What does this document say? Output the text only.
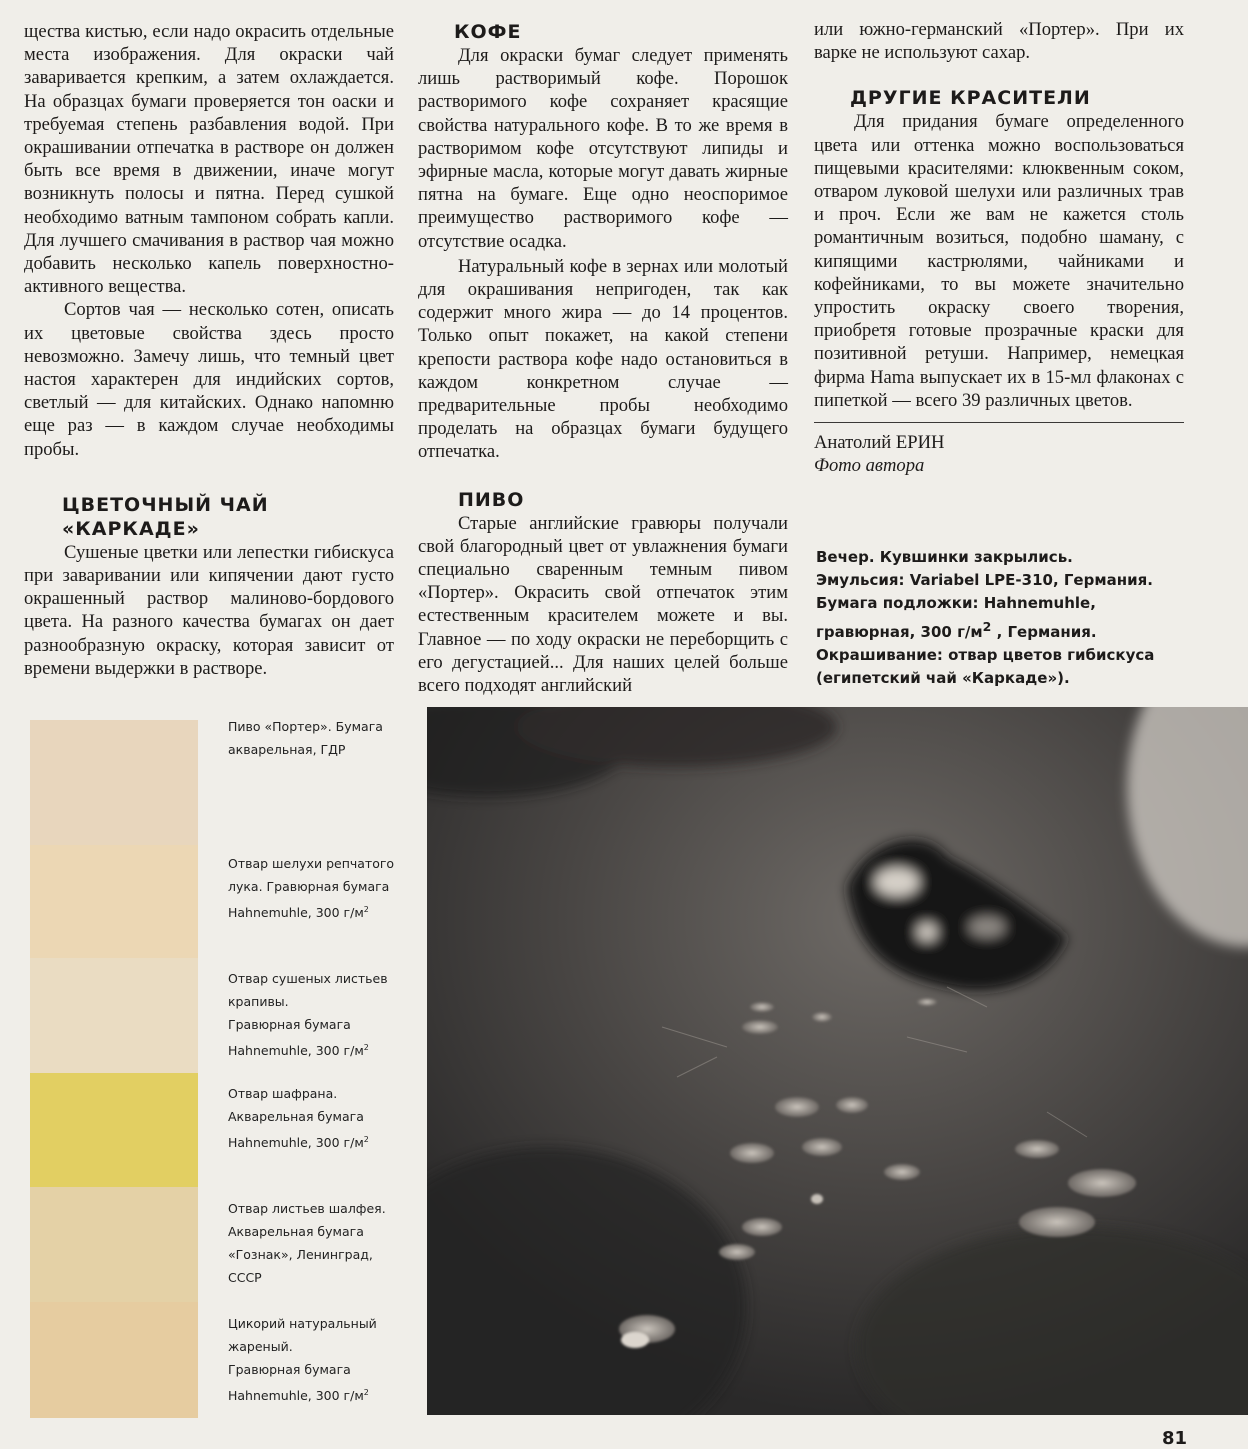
щества кистью, если надо окрасить отдельные места изображения. Для окраски чай заваривается крепким, а затем охлаждается. На образцах бумаги проверяется тон оаски и требуемая степень разбавления водой. При окрашивании отпечатка в растворе он должен быть все время в движении, иначе могут возникнуть полосы и пятна. Перед сушкой необходимо ватным тампоном собрать капли. Для лучшего смачивания в раствор чая можно добавить несколько капель поверхностно-активного вещества.

Сортов чая — несколько сотен, описать их цветовые свойства здесь просто невозможно. Замечу лишь, что темный цвет настоя характерен для индийских сортов, светлый — для китайских. Однако напомню еще раз — в каждом случае необходимы пробы.

ЦВЕТОЧНЫЙ ЧАЙ
«КАРКАДЕ»

Сушеные цветки или лепестки гибискуса при заваривании или кипячении дают густо окрашенный раствор малиново-бордового цвета. На разного качества бумагах он дает разнообразную окраску, которая зависит от времени выдержки в растворе.

КОФЕ

Для окраски бумаг следует применять лишь растворимый кофе. Порошок растворимого кофе сохраняет красящие свойства натурального кофе. В то же время в растворимом кофе отсутствуют липиды и эфирные масла, которые могут давать жирные пятна на бумаге. Еще одно неоспоримое преимущество растворимого кофе — отсутствие осадка.

Натуральный кофе в зернах или молотый для окрашивания непригоден, так как содержит много жира — до 14 процентов. Только опыт покажет, на какой степени крепости раствора кофе надо остановиться в каждом конкретном случае — предварительные пробы необходимо проделать на образцах бумаги будущего отпечатка.

ПИВО

Старые английские гравюры получали свой благородный цвет от увлажнения бумаги специально сваренным темным пивом «Портер». Окрасить свой отпечаток этим естественным красителем можете и вы. Главное — по ходу окраски не переборщить с его дегустацией... Для наших целей больше всего подходят английский

или южно-германский «Портер». При их варке не используют сахар.

ДРУГИЕ КРАСИТЕЛИ

Для придания бумаге определенного цвета или оттенка можно воспользоваться пищевыми красителями: клюквенным соком, отваром луковой шелухи или различных трав и проч. Если же вам не кажется столь романтичным возиться, подобно шаману, с кипящими кастрюлями, чайниками и кофейниками, то вы можете значительно упростить окраску своего творения, приобретя готовые прозрачные краски для позитивной ретуши. Например, немецкая фирма Hama выпускает их в 15-мл флаконах с пипеткой — всего 39 различных цветов.

Анатолий ЕРИН

Фото автора

Вечер. Кувшинки закрылись.
Эмульсия: Variabel LPE-310, Германия.
Бумага подложки: Hahnemuhle,
гравюрная, 300 $г/м^2$ , Германия.
Окрашивание: отвар цветов гибискуса
(египетский чай «Каркаде»).
Пиво «Портер». Бумага
акварельная, ГДР
Отвар шелухи репчатого
лука. Гравюрная бумага
Hahnemuhle, 300 $г/м^2$
Отвар сушеных листьев
крапивы.
Гравюрная бумага
Hahnemuhle, 300 $г/м^2$
Отвар шафрана.
Акварельная бумага
Hahnemuhle, 300 $г/м^2$
Отвар листьев шалфея.
Акварельная бумага
«Гознак», Ленинград, СССР
Цикорий натуральный
жареный.
Гравюрная бумага
Hahnemuhle, 300 $г/м^2$
81
